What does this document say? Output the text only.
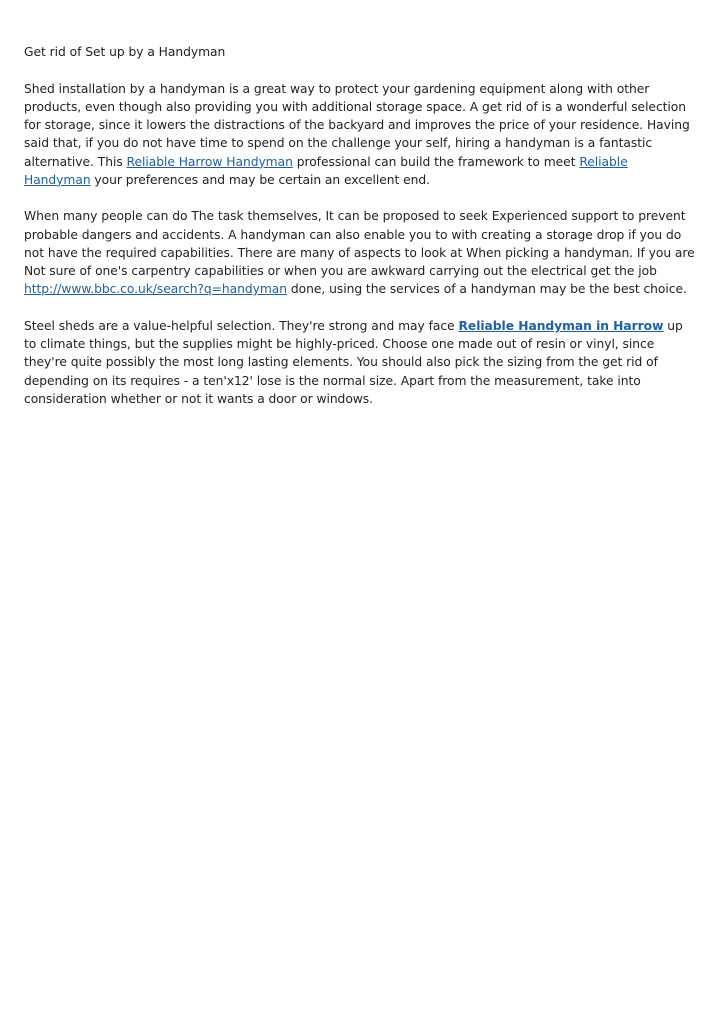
Get rid of Set up by a Handyman

Shed installation by a handyman is a great way to protect your gardening equipment along with other products, even though also providing you with additional storage space. A get rid of is a wonderful selection for storage, since it lowers the distractions of the backyard and improves the price of your residence. Having said that, if you do not have time to spend on the challenge your self, hiring a handyman is a fantastic alternative. This Reliable Harrow Handyman professional can build the framework to meet Reliable Handyman your preferences and may be certain an excellent end.

When many people can do The task themselves, It can be proposed to seek Experienced support to prevent probable dangers and accidents. A handyman can also enable you to with creating a storage drop if you do not have the required capabilities. There are many of aspects to look at When picking a handyman. If you are Not sure of one's carpentry capabilities or when you are awkward carrying out the electrical get the job http://www.bbc.co.uk/search?q=handyman done, using the services of a handyman may be the best choice.

Steel sheds are a value-helpful selection. They're strong and may face Reliable Handyman in Harrow up to climate things, but the supplies might be highly-priced. Choose one made out of resin or vinyl, since they're quite possibly the most long lasting elements. You should also pick the sizing from the get rid of depending on its requires - a ten'x12' lose is the normal size. Apart from the measurement, take into consideration whether or not it wants a door or windows.
